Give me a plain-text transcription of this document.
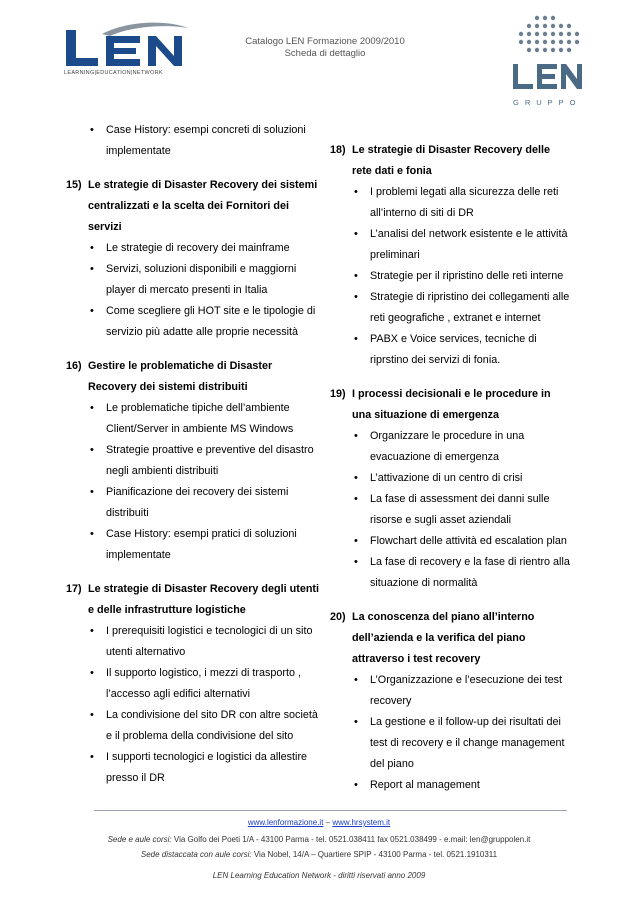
LEARNING|EDUCATION|NETWORK
Catalogo LEN Formazione 2009/2010
Scheda di dettaglio
GRUPPO
• Case History: esempi concreti di soluzioni implementate
15) Le strategie di Disaster Recovery dei sistemi centralizzati e la scelta dei Fornitori dei servizi
• Le strategie di recovery dei mainframe
• Servizi, soluzioni disponibili e maggiorni player di mercato presenti in Italia
• Come scegliere gli HOT site e le tipologie di servizio più adatte alle proprie necessità
16) Gestire le problematiche di Disaster Recovery dei sistemi distribuiti
• Le problematiche tipiche dell’ambiente Client/Server in ambiente MS Windows
• Strategie proattive e preventive del disastro negli ambienti distribuiti
• Pianificazione dei recovery dei sistemi distribuiti
• Case History: esempi pratici di soluzioni implementate
17) Le strategie di Disaster Recovery degli utenti e delle infrastrutture logistiche
• I prerequisiti logistici e tecnologici di un sito utenti alternativo
• Il supporto logistico, i mezzi di trasporto , l’accesso agli edifici alternativi
• La condivisione del sito DR con altre società e il problema della condivisione del sito
• I supporti tecnologici e logistici da allestire presso il DR
18) Le strategie di Disaster Recovery delle rete dati e fonia
• I problemi legati alla sicurezza delle reti all’interno di siti di DR
• L’analisi del network esistente e le attività preliminari
• Strategie per il ripristino delle reti interne
• Strategie di ripristino dei collegamenti alle reti geografiche , extranet e internet
• PABX e Voice services, tecniche di riprstino dei servizi di fonia.
19) I processi decisionali e le procedure in una situazione di emergenza
• Organizzare le procedure in una evacuazione di emergenza
• L’attivazione di un centro di crisi
• La fase di assessment dei danni sulle risorse e sugli asset aziendali
• Flowchart delle attività ed escalation plan
• La fase di recovery e la fase di rientro alla situazione di normalità
20) La conoscenza del piano all’interno dell’azienda e la verifica del piano attraverso i test recovery
• L’Organizzazione e l’esecuzione dei test recovery
• La gestione e il follow-up dei risultati dei test di recovery e il change management del piano
• Report al management
www.lenformazione.it – www.hrsystem.it
Sede e aule corsi: Via Golfo dei Poeti 1/A - 43100 Parma - tel. 0521.038411 fax 0521.038499 - e.mail: len@gruppolen.it
Sede distaccata con aule corsi: Via Nobel, 14/A – Quartiere SPIP - 43100 Parma - tel. 0521.1910311
LEN Learning Education Network - diritti riservati anno 2009
